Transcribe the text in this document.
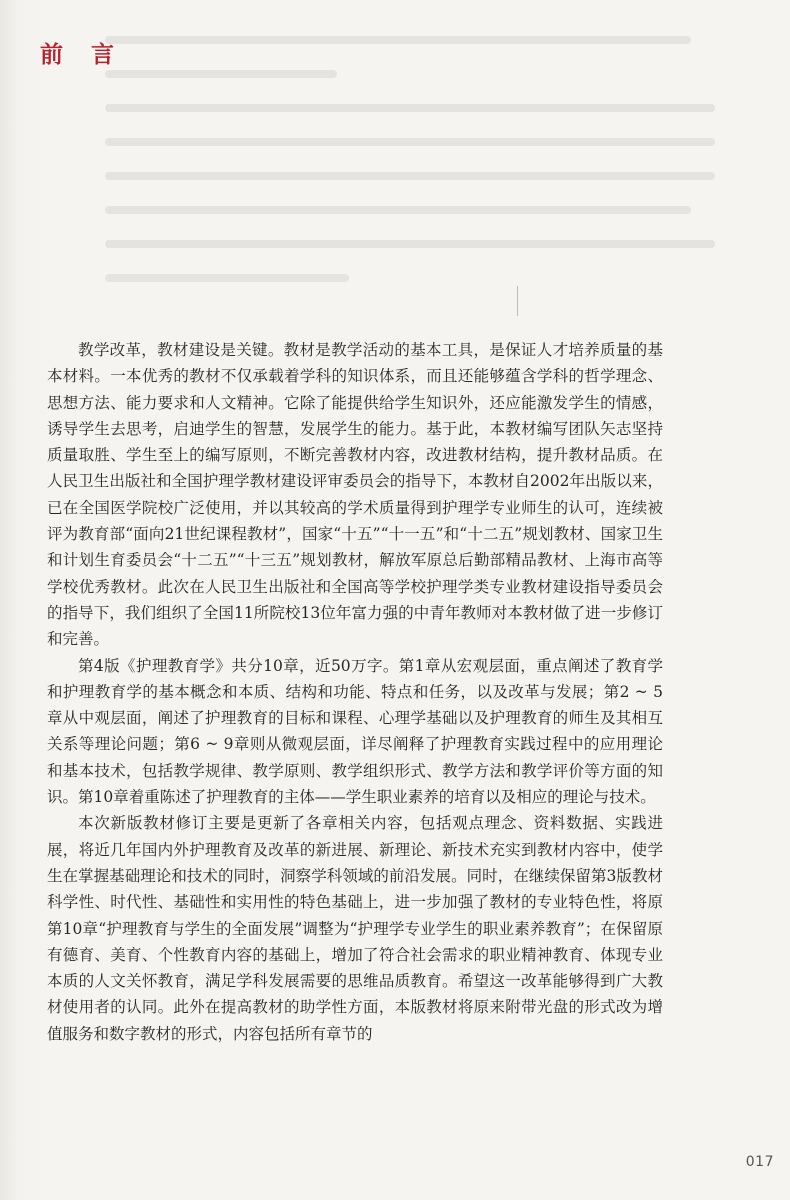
前 言

教学改革，教材建设是关键。教材是教学活动的基本工具，是保证人才培养质量的基本材料。一本优秀的教材不仅承载着学科的知识体系，而且还能够蕴含学科的哲学理念、思想方法、能力要求和人文精神。它除了能提供给学生知识外，还应能激发学生的情感，诱导学生去思考，启迪学生的智慧，发展学生的能力。基于此，本教材编写团队矢志坚持质量取胜、学生至上的编写原则，不断完善教材内容，改进教材结构，提升教材品质。在人民卫生出版社和全国护理学教材建设评审委员会的指导下，本教材自2002年出版以来，已在全国医学院校广泛使用，并以其较高的学术质量得到护理学专业师生的认可，连续被评为教育部“面向21世纪课程教材”，国家“十五”“十一五”和“十二五”规划教材、国家卫生和计划生育委员会“十二五”“十三五”规划教材，解放军原总后勤部精品教材、上海市高等学校优秀教材。此次在人民卫生出版社和全国高等学校护理学类专业教材建设指导委员会的指导下，我们组织了全国11所院校13位年富力强的中青年教师对本教材做了进一步修订和完善。

第4版《护理教育学》共分10章，近50万字。第1章从宏观层面，重点阐述了教育学和护理教育学的基本概念和本质、结构和功能、特点和任务，以及改革与发展；第2 ~ 5章从中观层面，阐述了护理教育的目标和课程、心理学基础以及护理教育的师生及其相互关系等理论问题；第6 ~ 9章则从微观层面，详尽阐释了护理教育实践过程中的应用理论和基本技术，包括教学规律、教学原则、教学组织形式、教学方法和教学评价等方面的知识。第10章着重陈述了护理教育的主体——学生职业素养的培育以及相应的理论与技术。

本次新版教材修订主要是更新了各章相关内容，包括观点理念、资料数据、实践进展，将近几年国内外护理教育及改革的新进展、新理论、新技术充实到教材内容中，使学生在掌握基础理论和技术的同时，洞察学科领域的前沿发展。同时，在继续保留第3版教材科学性、时代性、基础性和实用性的特色基础上，进一步加强了教材的专业特色性，将原第10章“护理教育与学生的全面发展”调整为“护理学专业学生的职业素养教育”；在保留原有德育、美育、个性教育内容的基础上，增加了符合社会需求的职业精神教育、体现专业本质的人文关怀教育，满足学科发展需要的思维品质教育。希望这一改革能够得到广大教材使用者的认同。此外在提高教材的助学性方面，本版教材将原来附带光盘的形式改为增值服务和数字教材的形式，内容包括所有章节的

017
